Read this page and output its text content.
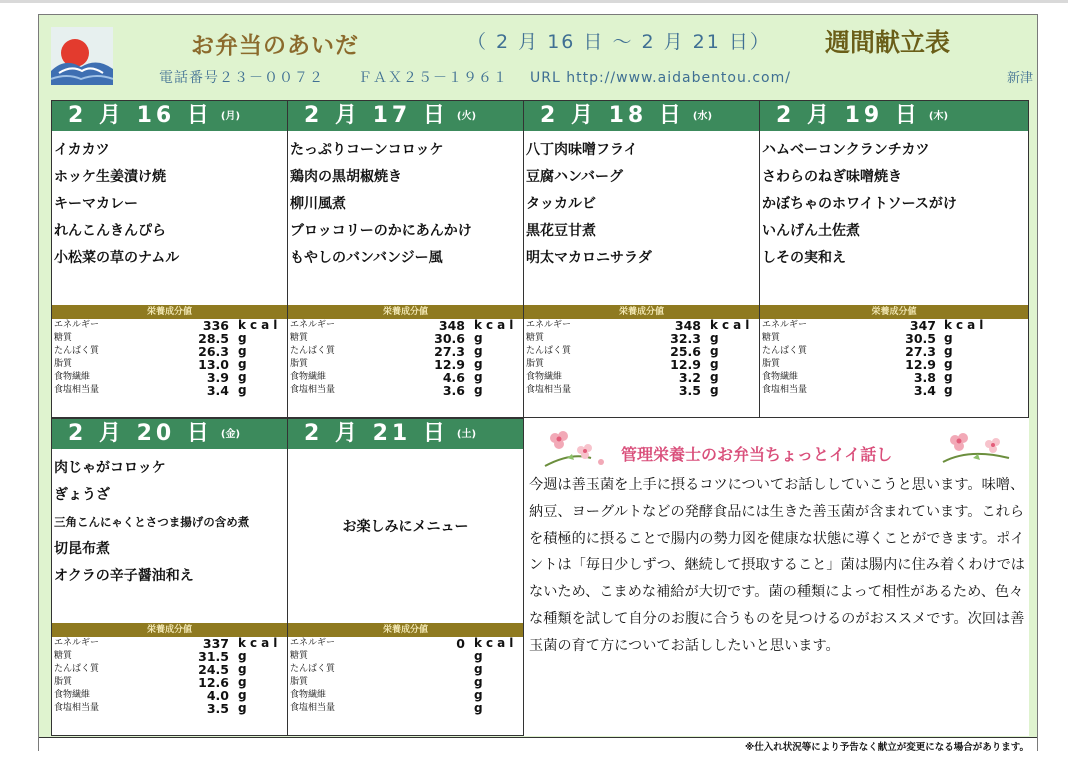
お弁当のあいだ	（ 2 月 16 日 ～ 2 月 21 日） 週間献立表
電話番号２３－００７２ ＦＡＸ２５－１９６１ URL http://www.aidabentou.com/	新津
2 月 16 日 (月)
イカカツ
ホッケ生姜漬け焼
キーマカレー
れんこんきんぴら
小松菜の草のナムル
栄養成分値
エネルギー	336 kcal
糖質	28.5 g
たんぱく質	26.3 g
脂質	13.0 g
食物繊維	3.9 g
食塩相当量	3.4 g
2 月 17 日 (火)
たっぷりコーンコロッケ
鶏肉の黒胡椒焼き
柳川風煮
ブロッコリーのかにあんかけ
もやしのバンバンジー風
栄養成分値
エネルギー	348 kcal
糖質	30.6 g
たんぱく質	27.3 g
脂質	12.9 g
食物繊維	4.6 g
食塩相当量	3.6 g
2 月 18 日 (水)
八丁肉味噌フライ
豆腐ハンバーグ
タッカルビ
黒花豆甘煮
明太マカロニサラダ
栄養成分値
エネルギー	348 kcal
糖質	32.3 g
たんぱく質	25.6 g
脂質	12.9 g
食物繊維	3.2 g
食塩相当量	3.5 g
2 月 19 日 (木)
ハムベーコンクランチカツ
さわらのねぎ味噌焼き
かぼちゃのホワイトソースがけ
いんげん土佐煮
しその実和え
栄養成分値
エネルギー	347 kcal
糖質	30.5 g
たんぱく質	27.3 g
脂質	12.9 g
食物繊維	3.8 g
食塩相当量	3.4 g
2 月 20 日 (金)
肉じゃがコロッケ
ぎょうざ
三角こんにゃくとさつま揚げの含め煮
切昆布煮
オクラの辛子醤油和え
栄養成分値
エネルギー	337 kcal
糖質	31.5 g
たんぱく質	24.5 g
脂質	12.6 g
食物繊維	4.0 g
食塩相当量	3.5 g
2 月 21 日 (土)
お楽しみにメニュー
栄養成分値
エネルギー	0 kcal
糖質	g
たんぱく質	g
脂質	g
食物繊維	g
食塩相当量	g
管理栄養士のお弁当ちょっとイイ話し
今週は善玉菌を上手に摂るコツについてお話ししていこうと思います。味噌、納豆、ヨーグルトなどの発酵食品には生きた善玉菌が含まれています。これらを積極的に摂ることで腸内の勢力図を健康な状態に導くことができます。ポイントは「毎日少しずつ、継続して摂取すること」菌は腸内に住み着くわけではないため、こまめな補給が大切です。菌の種類によって相性があるため、色々な種類を試して自分のお腹に合うものを見つけるのがおススメです。次回は善玉菌の育て方についてお話ししたいと思います。
※仕入れ状況等により予告なく献立が変更になる場合があります。
